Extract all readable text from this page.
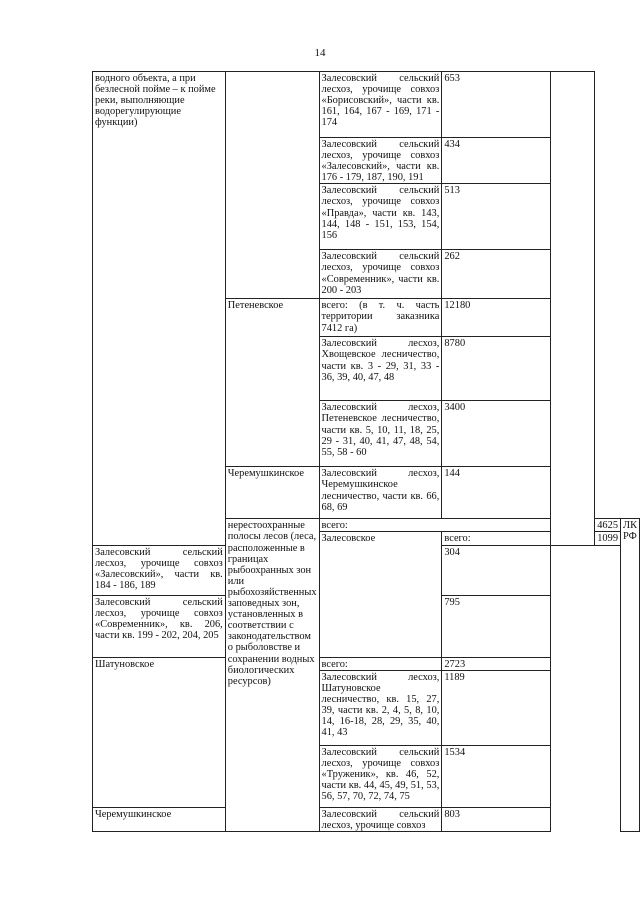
14
водного объекта, а при безлесной пойме – к пойме реки, выполняющие водорегулирующие функции)		Залесовский сельский лесхоз, урочище совхоз «Борисовский», части кв. 161, 164, 167 - 169, 171 - 174	653			
		Залесовский сельский лесхоз, урочище совхоз «Залесовский», части кв. 176 - 179, 187, 190, 191	434			
		Залесовский сельский лесхоз, урочище совхоз «Правда», части кв. 143, 144, 148 - 151, 153, 154, 156	513			
		Залесовский сельский лесхоз, урочище совхоз «Современник», части кв. 200 - 203	262			
	Петеневское	всего: (в т. ч. часть территории заказника 7412 га)	12180			
		Залесовский лесхоз, Хвощевское лесничество, части кв. 3 - 29, 31, 33 - 36, 39, 40, 47, 48	8780			
		Залесовский лесхоз, Петеневское лесничество, части кв. 5, 10, 11, 18, 25, 29 - 31, 40, 41, 47, 48, 54, 55, 58 - 60	3400			
	Черемушкинское	Залесовский лесхоз, Черемушкинское лесничество, части кв. 66, 68, 69	144			
	нерестоохранные полосы лесов (леса, расположенные в границах рыбоохранных зон или рыбохозяйственных заповедных зон, установленных в соответствии с законодательством о рыболовстве и сохранении водных биологических ресурсов)	всего:			4625	ЛК РФ
		Залесовское	всего:		1099	
Залесовский сельский лесхоз, урочище совхоз «Залесовский», части кв. 184 - 186, 189			304			
Залесовский сельский лесхоз, урочище совхоз «Современник», кв. 206, части кв. 199 - 202, 204, 205			795			
Шатуновское		всего:	2723			
		Залесовский лесхоз, Шатуновское лесничество, кв. 15, 27, 39, части кв. 2, 4, 5, 8, 10, 14, 16-18, 28, 29, 35, 40, 41, 43	1189			
		Залесовский сельский лесхоз, урочище совхоз «Труженик», кв. 46, 52, части кв. 44, 45, 49, 51, 53, 56, 57, 70, 72, 74, 75	1534			
Черемушкинское		Залесовский сельский лесхоз, урочище совхоз	803			
